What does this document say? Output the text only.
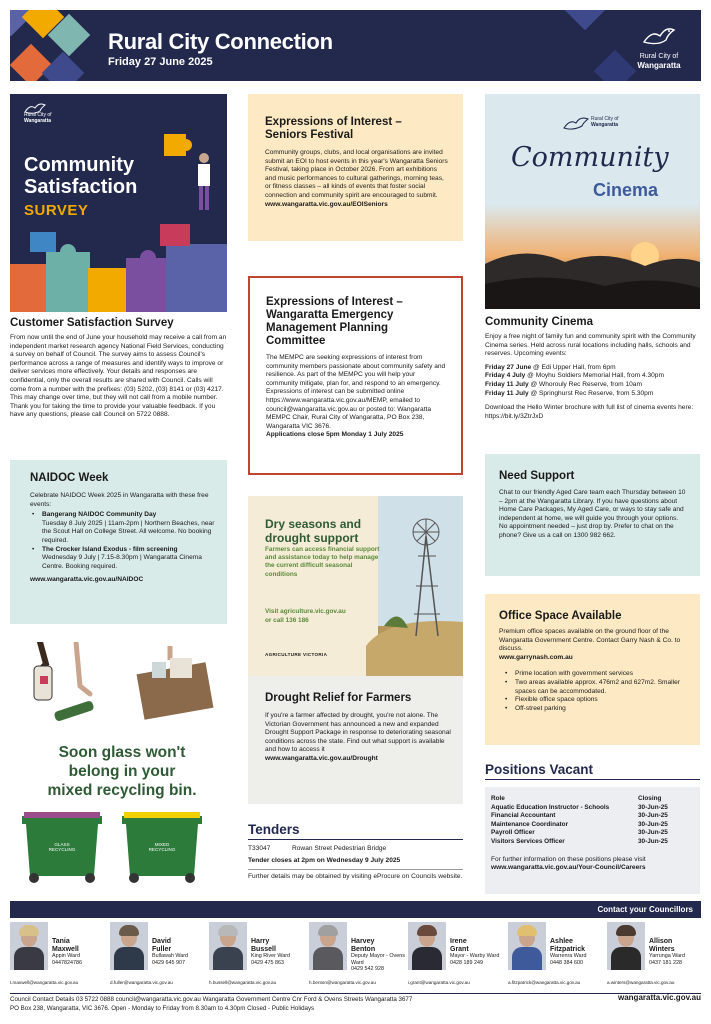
Rural City Connection
Friday 27 June 2025	Rural City of
Wangaratta
Rural City of
Wangaratta
Community
Satisfaction
SURVEY
Customer Satisfaction Survey
From now until the end of June your household may receive a call from an independent market research agency National Field Services, conducting a survey on behalf of Council. The survey aims to assess Council's performance across a range of measures and identify ways to improve or deliver services more effectively. Your details and responses are confidential, only the overall results are shared with Council. Calls will come from a number with the prefixes: (03) 5202, (03) 8141 or (03) 4217. This may change over time, but they will not call from a mobile number. Thank you for taking the time to provide your valuable feedback. If you have any questions, please call Council on 5722 0888.
NAIDOC Week
Celebrate NAIDOC Week 2025 in Wangaratta with these free events:
• Bangerang NAIDOC Community Day
Tuesday 8 July 2025 | 11am-2pm | Northern Beaches, near the Scout Hall on College Street. All welcome. No booking required.
• The Crocker Island Exodus - film screening
Wednesday 9 July | 7.15-8.30pm | Wangaratta Cinema Centre. Booking required.
www.wangaratta.vic.gov.au/NAIDOC
Soon glass won't
belong in your
mixed recycling bin.
GLASS RECYCLING
MIXED RECYCLING
Expressions of Interest – Seniors Festival
Community groups, clubs, and local organisations are invited submit an EOI to host events in this year's Wangaratta Seniors Festival, taking place in October 2026. From art exhibitions and music performances to cultural gatherings, morning teas, or fitness classes – all kinds of events that foster social connection and community spirit are encouraged to submit.
www.wangaratta.vic.gov.au/EOISeniors
Expressions of Interest – Wangaratta Emergency Management Planning Committee
The MEMPC are seeking expressions of interest from community members passionate about community safety and resilience. As part of the MEMPC you will help your community mitigate, plan for, and respond to an emergency. Expressions of interest can be submitted online https://www.wangaratta.vic.gov.au/MEMP, emailed to council@wangaratta.vic.gov.au or posted to: Wangaratta MEMPC Chair, Rural City of Wangaratta, PO Box 238, Wangaratta VIC 3676.
Applications close 5pm Monday 1 July 2025
Dry seasons and drought support
Farmers can access financial support and assistance today to help manage the current difficult seasonal conditions
Visit agriculture.vic.gov.au
or call 136 186
AGRICULTURE VICTORIA
Drought Relief for Farmers
If you're a farmer affected by drought, you're not alone. The Victorian Government has announced a new and expanded Drought Support Package in response to deteriorating seasonal conditions across the state. Find out what support is available and how to access it
www.wangaratta.vic.gov.au/Drought
Tenders
T33047	Rowan Street Pedestrian Bridge
Tender closes at 2pm on Wednesday 9 July 2025
Further details may be obtained by visiting eProcure on Councils website.
Rural City of
Wangaratta
Community
Cinema
Community Cinema
Enjoy a free night of family fun and community spirit with the Community Cinema series. Held across rural locations including halls, schools and reserves. Upcoming events:
Friday 27 June @ Edi Upper Hall, from 6pm
Friday 4 July @ Moyhu Soldiers Memorial Hall, from 4.30pm
Friday 11 July @ Whorouly Rec Reserve, from 10am
Friday 11 July @ Springhurst Rec Reserve, from 5.30pm
Download the Hello Winter brochure with full list of cinema events here: https://bit.ly/3ZtrJxD
Need Support
Chat to our friendly Aged Care team each Thursday between 10 – 2pm at the Wangaratta Library. If you have questions about Home Care Packages, My Aged Care, or ways to stay safe and independent at home, we will guide you through your options. No appointment needed – just drop by. Prefer to chat on the phone? Give us a call on 1300 982 662.
Office Space Available
Premium office spaces available on the ground floor of the Wangaratta Government Centre. Contact Garry Nash & Co. to discuss.
www.garrynash.com.au
• Prime location with government services
• Two areas available approx. 476m2 and 627m2. Smaller spaces can be accommodated.
• Flexible office space options
• Off-street parking
Positions Vacant
Role	Closing
Aquatic Education Instructor - Schools	30-Jun-25
Financial Accountant	30-Jun-25
Maintenance Coordinator	30-Jun-25
Payroll Officer	30-Jun-25
Visitors Services Officer	30-Jun-25
For further information on these positions please visit
www.wangaratta.vic.gov.au/Your-Council/Careers
Contact your Councillors
Tania
Maxwell
Appin Ward
0447824786
t.maxwell@wangaratta.vic.gov.au
David
Fuller
Bullawah Ward
0429 645 907
d.fuller@wangaratta.vic.gov.au
Harry
Bussell
King River Ward
0429 475 863
h.bussell@wangaratta.vic.gov.au
Harvey
Benton
Deputy Mayor - Ovens Ward
0429 542 928
h.benton@wangaratta.vic.gov.au
Irene
Grant
Mayor - Warby Ward
0428 189 249
i.grant@wangaratta.vic.gov.au
Ashlee
Fitzpatrick
Warrenra Ward
0448 384 600
a.fitzpatrick@wangaratta.vic.gov.au
Allison
Winters
Yarrunga Ward
0437 181 228
a.winters@wangaratta.vic.gov.au
Council Contact Details 03 5722 0888 council@wangaratta.vic.gov.au Wangaratta Government Centre Cnr Ford & Ovens Streets Wangaratta 3677
PO Box 238, Wangaratta, VIC 3676. Open - Monday to Friday from 8.30am to 4.30pm Closed - Public Holidays
wangaratta.vic.gov.au
